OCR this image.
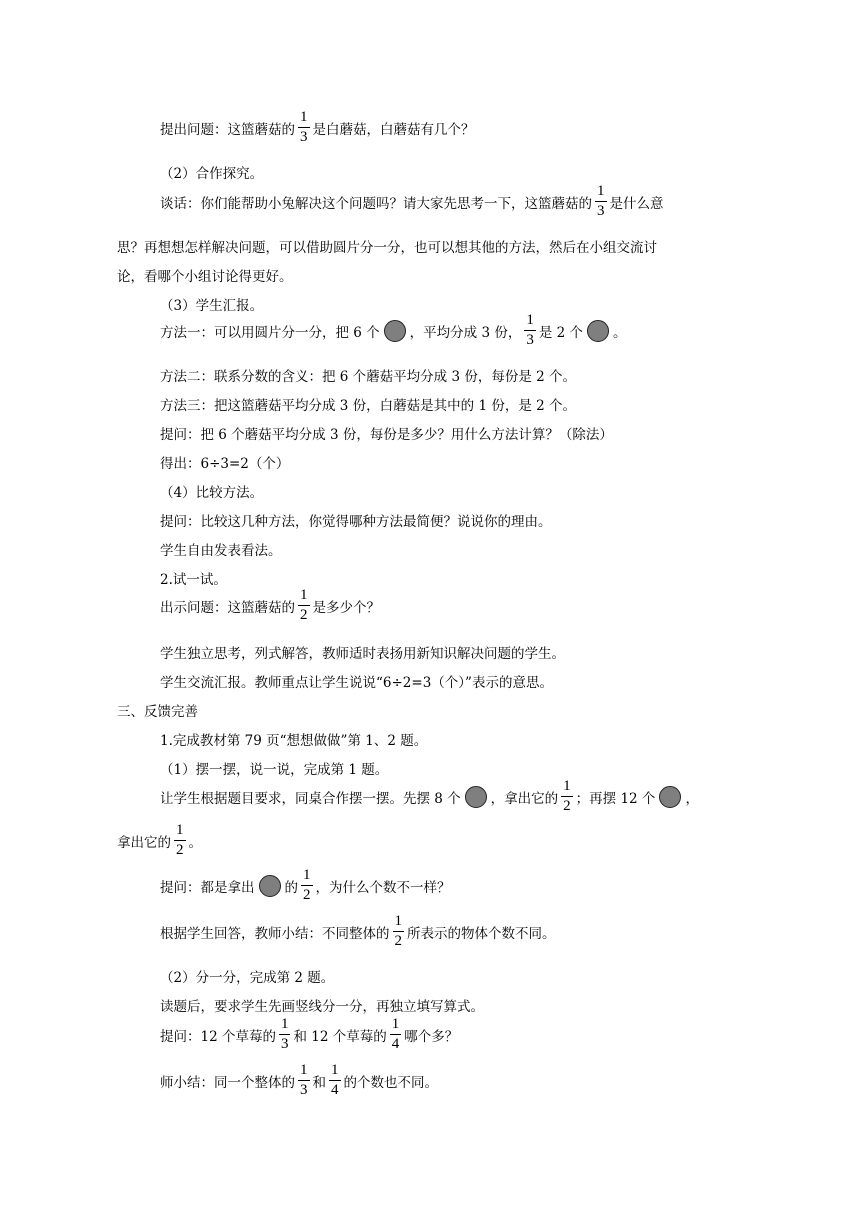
提出问题：这篮蘑菇的 $\frac{1}{3}$ 是白蘑菇，白蘑菇有几个？
（2）合作探究。
谈话：你们能帮助小兔解决这个问题吗？请大家先思考一下，这篮蘑菇的 $\frac{1}{3}$ 是什么意
思？再想想怎样解决问题，可以借助圆片分一分，也可以想其他的方法，然后在小组交流讨
论，看哪个小组讨论得更好。
（3）学生汇报。
方法一：可以用圆片分一分，把 6 个 ，平均分成 3 份， $\frac{1}{3}$ 是 2 个 。
方法二：联系分数的含义：把 6 个蘑菇平均分成 3 份，每份是 2 个。
方法三：把这篮蘑菇平均分成 3 份，白蘑菇是其中的 1 份，是 2 个。
提问：把 6 个蘑菇平均分成 3 份，每份是多少？用什么方法计算？（除法）
得出：6÷3=2（个）
（4）比较方法。
提问：比较这几种方法，你觉得哪种方法最简便？说说你的理由。
学生自由发表看法。
2.试一试。
出示问题：这篮蘑菇的 $\frac{1}{2}$ 是多少个？
学生独立思考，列式解答，教师适时表扬用新知识解决问题的学生。
学生交流汇报。教师重点让学生说说“6÷2=3（个）”表示的意思。
三、反馈完善
1.完成教材第 79 页“想想做做”第 1、2 题。
（1）摆一摆，说一说，完成第 1 题。
让学生根据题目要求，同桌合作摆一摆。先摆 8 个 ，拿出它的 $\frac{1}{2}$ ；再摆 12 个 ，
拿出它的 $\frac{1}{2}$ 。
提问：都是拿出 的 $\frac{1}{2}$ ，为什么个数不一样？
根据学生回答，教师小结：不同整体的 $\frac{1}{2}$ 所表示的物体个数不同。
（2）分一分，完成第 2 题。
读题后，要求学生先画竖线分一分，再独立填写算式。
提问：12 个草莓的 $\frac{1}{3}$ 和 12 个草莓的 $\frac{1}{4}$ 哪个多？
师小结：同一个整体的 $\frac{1}{3}$ 和 $\frac{1}{4}$ 的个数也不同。
